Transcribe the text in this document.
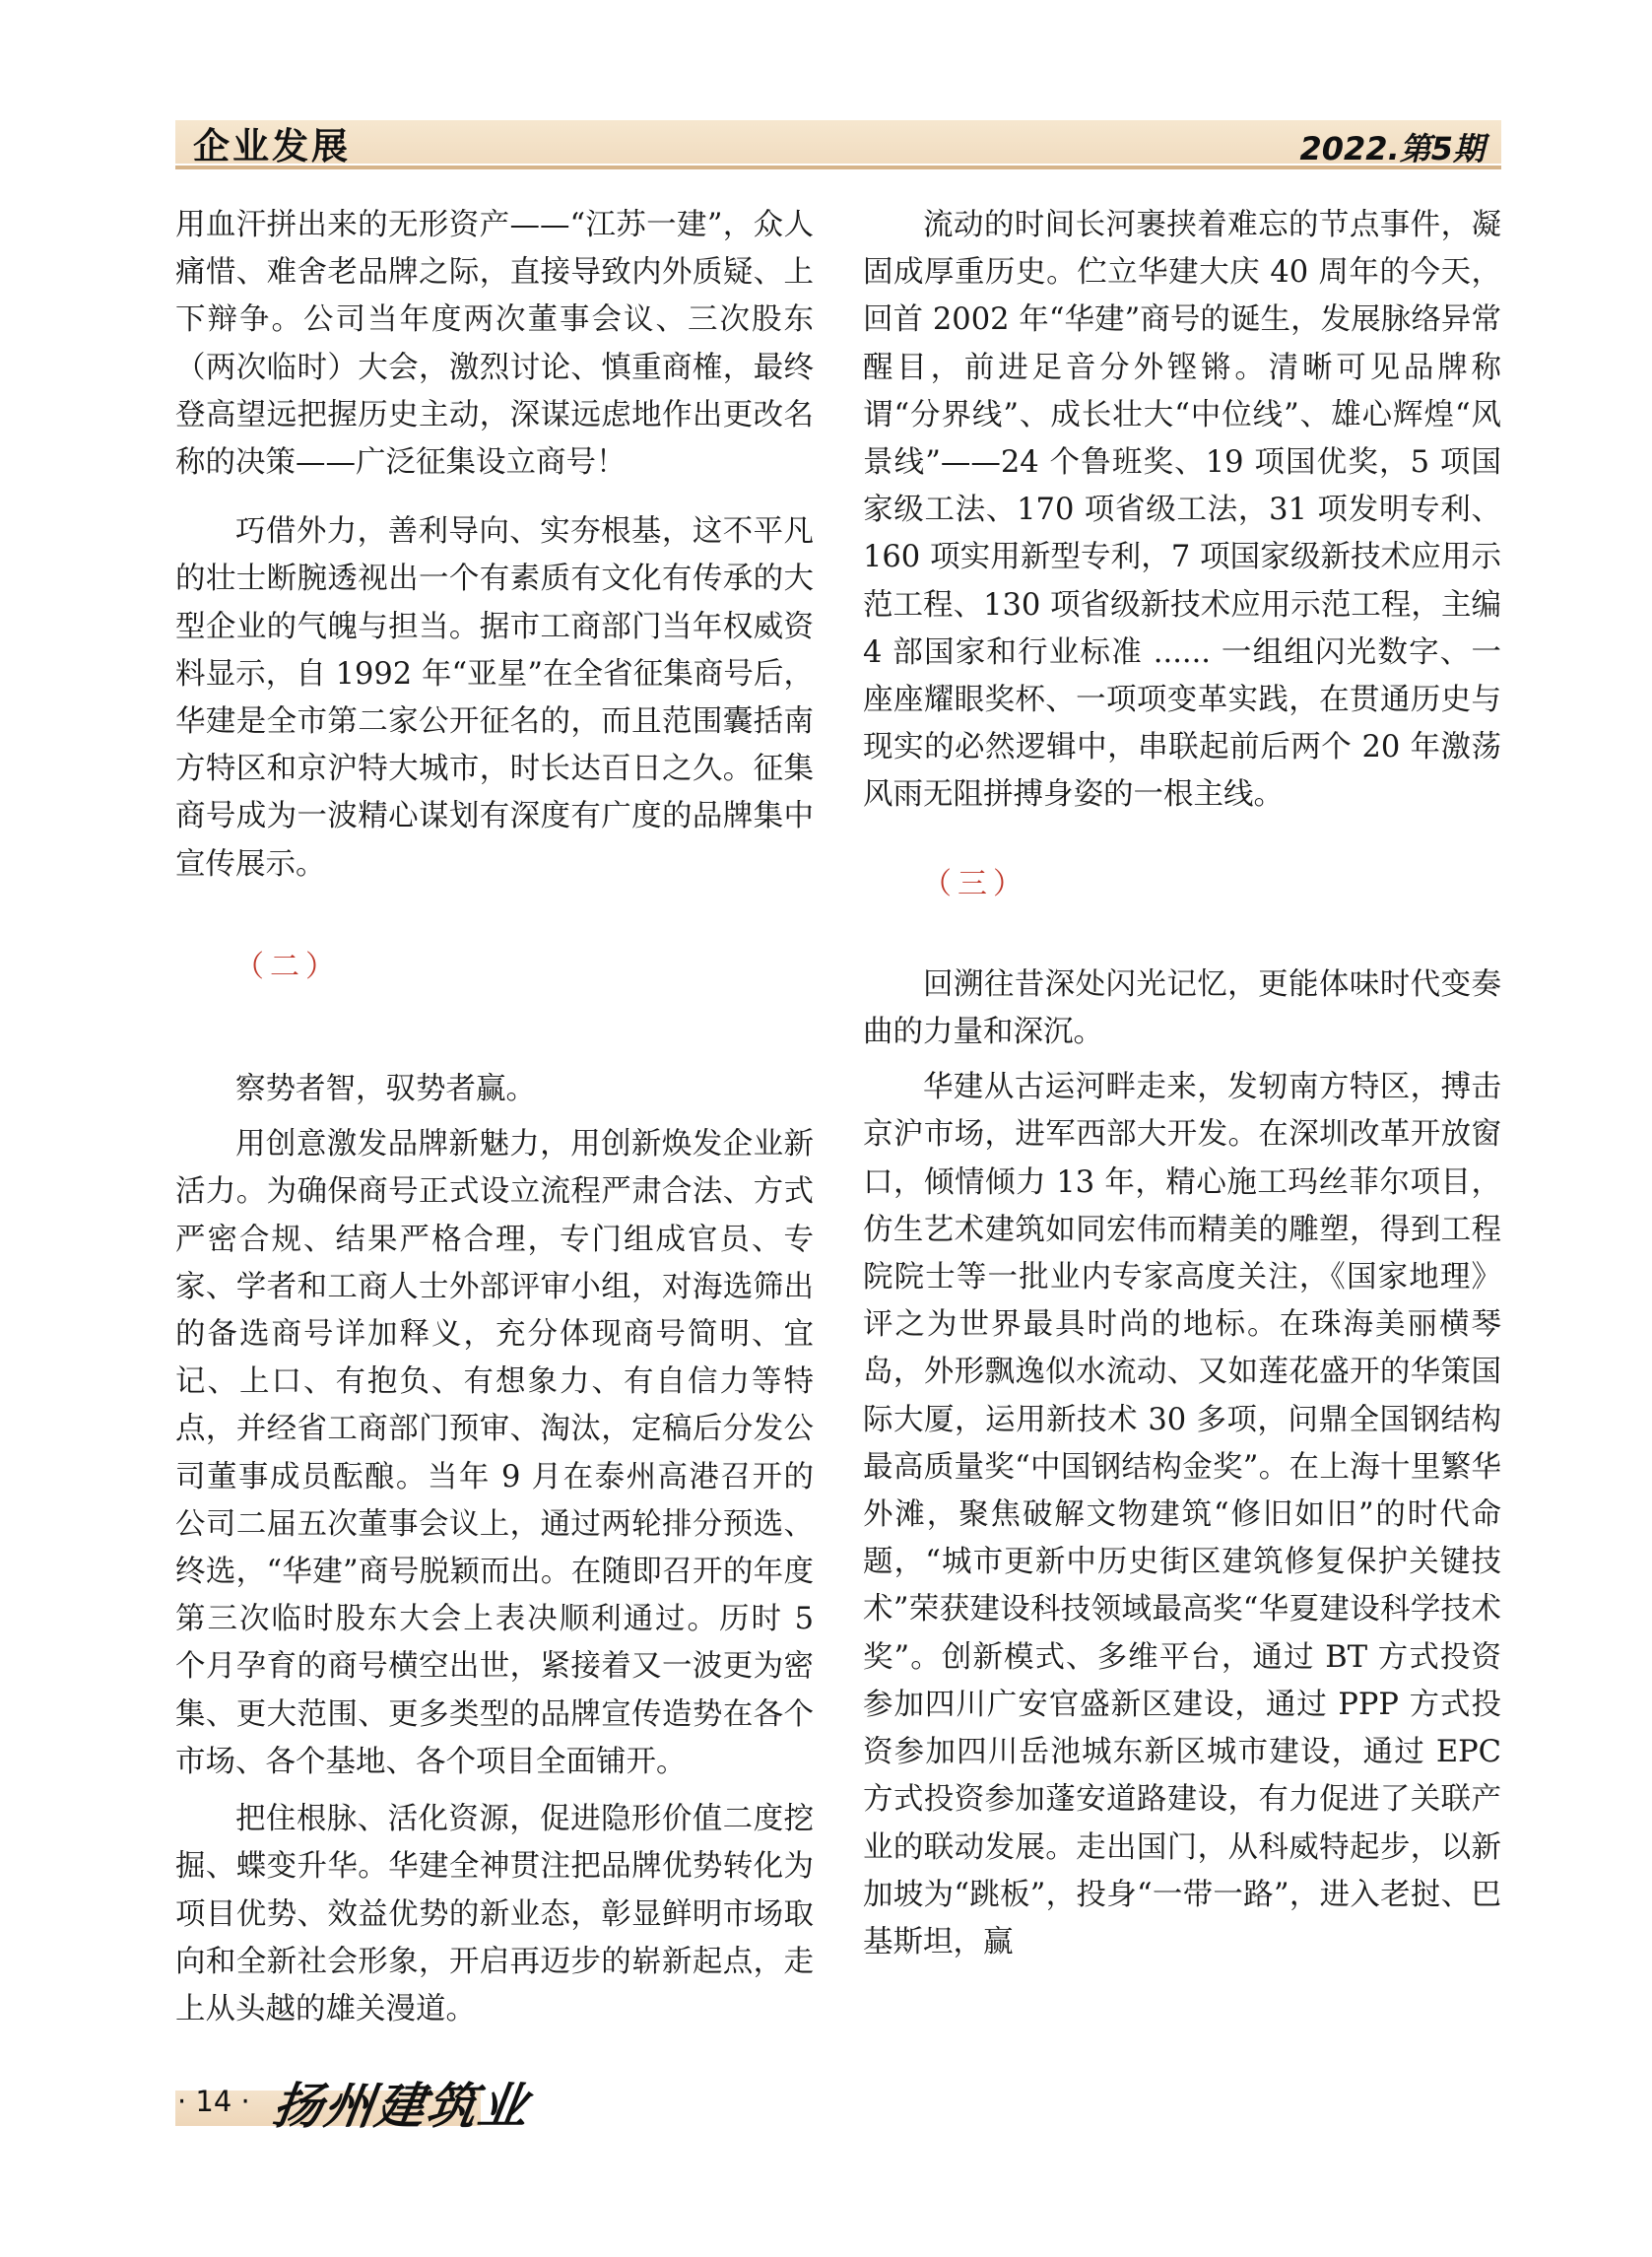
企业发展	2022.第5期

用血汗拼出来的无形资产——“江苏一建”，众人痛惜、难舍老品牌之际，直接导致内外质疑、上下辩争。公司当年度两次董事会议、三次股东（两次临时）大会，激烈讨论、慎重商榷，最终登高望远把握历史主动，深谋远虑地作出更改名称的决策——广泛征集设立商号！

巧借外力，善利导向、实夯根基，这不平凡的壮士断腕透视出一个有素质有文化有传承的大型企业的气魄与担当。据市工商部门当年权威资料显示，自 1992 年“亚星”在全省征集商号后，华建是全市第二家公开征名的，而且范围囊括南方特区和京沪特大城市，时长达百日之久。征集商号成为一波精心谋划有深度有广度的品牌集中宣传展示。

（二）

察势者智，驭势者赢。

用创意激发品牌新魅力，用创新焕发企业新活力。为确保商号正式设立流程严肃合法、方式严密合规、结果严格合理，专门组成官员、专家、学者和工商人士外部评审小组，对海选筛出的备选商号详加释义，充分体现商号简明、宜记、上口、有抱负、有想象力、有自信力等特点，并经省工商部门预审、淘汰，定稿后分发公司董事成员酝酿。当年 9 月在泰州高港召开的公司二届五次董事会议上，通过两轮排分预选、终选，“华建”商号脱颖而出。在随即召开的年度第三次临时股东大会上表决顺利通过。历时 5 个月孕育的商号横空出世，紧接着又一波更为密集、更大范围、更多类型的品牌宣传造势在各个市场、各个基地、各个项目全面铺开。

把住根脉、活化资源，促进隐形价值二度挖掘、蝶变升华。华建全神贯注把品牌优势转化为项目优势、效益优势的新业态，彰显鲜明市场取向和全新社会形象，开启再迈步的崭新起点，走上从头越的雄关漫道。

流动的时间长河裹挟着难忘的节点事件，凝固成厚重历史。伫立华建大庆 40 周年的今天，回首 2002 年“华建”商号的诞生，发展脉络异常醒目，前进足音分外铿锵。清晰可见品牌称谓“分界线”、成长壮大“中位线”、雄心辉煌“风景线”——24 个鲁班奖、19 项国优奖，5 项国家级工法、170 项省级工法，31 项发明专利、160 项实用新型专利，7 项国家级新技术应用示范工程、130 项省级新技术应用示范工程，主编 4 部国家和行业标准 ...... 一组组闪光数字、一座座耀眼奖杯、一项项变革实践，在贯通历史与现实的必然逻辑中，串联起前后两个 20 年激荡风雨无阻拼搏身姿的一根主线。

（三）

回溯往昔深处闪光记忆，更能体味时代变奏曲的力量和深沉。

华建从古运河畔走来，发轫南方特区，搏击京沪市场，进军西部大开发。在深圳改革开放窗口，倾情倾力 13 年，精心施工玛丝菲尔项目，仿生艺术建筑如同宏伟而精美的雕塑，得到工程院院士等一批业内专家高度关注，《国家地理》评之为世界最具时尚的地标。在珠海美丽横琴岛，外形飘逸似水流动、又如莲花盛开的华策国际大厦，运用新技术 30 多项，问鼎全国钢结构最高质量奖“中国钢结构金奖”。在上海十里繁华外滩，聚焦破解文物建筑“修旧如旧”的时代命题，“城市更新中历史街区建筑修复保护关键技术”荣获建设科技领域最高奖“华夏建设科学技术奖”。创新模式、多维平台，通过 BT 方式投资参加四川广安官盛新区建设，通过 PPP 方式投资参加四川岳池城东新区城市建设，通过 EPC 方式投资参加蓬安道路建设，有力促进了关联产业的联动发展。走出国门，从科威特起步，以新加坡为“跳板”，投身“一带一路”，进入老挝、巴基斯坦，赢

· 14 · 扬州建筑业
